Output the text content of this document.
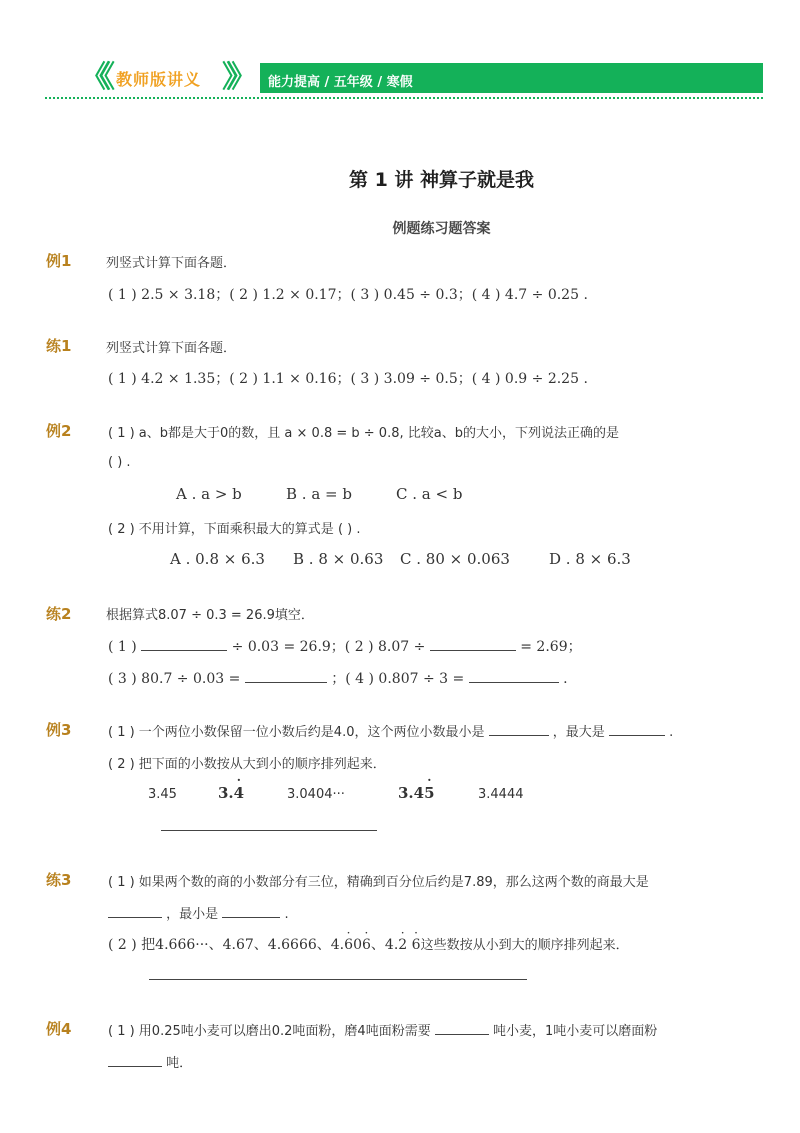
《《	》》
教师版讲义	能力提高 / 五年级 / 寒假
第 1 讲 神算子就是我
例题练习题答案
例1	列竖式计算下面各题．
( 1 ) 2.5 × 3.18；( 2 ) 1.2 × 0.17；( 3 ) 0.45 ÷ 0.3；( 4 ) 4.7 ÷ 0.25 .
练1	列竖式计算下面各题．
( 1 ) 4.2 × 1.35；( 2 ) 1.1 × 0.16；( 3 ) 3.09 ÷ 0.5；( 4 ) 0.9 ÷ 2.25 .
例2	( 1 ) a、b都是大于0的数，且 a × 0.8 = b ÷ 0.8, 比较a、b的大小，下列说法正确的是
( ) .
A . a > b	B . a = b	C . a < b
( 2 ) 不用计算，下面乘积最大的算式是 ( ) .
A . 0.8 × 6.3 B . 8 × 0.63 C . 80 × 0.063	D . 8 × 6.3
练2	根据算式8.07 ÷ 0.3 = 26.9填空．
( 1 )	÷ 0.03 = 26.9；( 2 ) 8.07 ÷	= 2.69；
( 3 ) 80.7 ÷ 0.03 =	；( 4 ) 0.807 ÷ 3 =	.
例3	( 1 ) 一个两位小数保留一位小数后约是4.0，这个两位小数最小是	，最大是	.
( 2 ) 把下面的小数按从大到小的顺序排列起来．
3.45	3.4 ·	3.0404···	3.45 ·	3.4444
练3	( 1 ) 如果两个数的商的小数部分有三位，精确到百分位后约是7.89，那么这两个数的商最大是
，最小是	.
( 2 ) 把4.666···、4.67、4.6666、4.6 ·06 ·、4.2 · 6 ·这些数按从小到大的顺序排列起来．
例4	( 1 ) 用0.25吨小麦可以磨出0.2吨面粉，磨4吨面粉需要	吨小麦，1吨小麦可以磨面粉
吨．
